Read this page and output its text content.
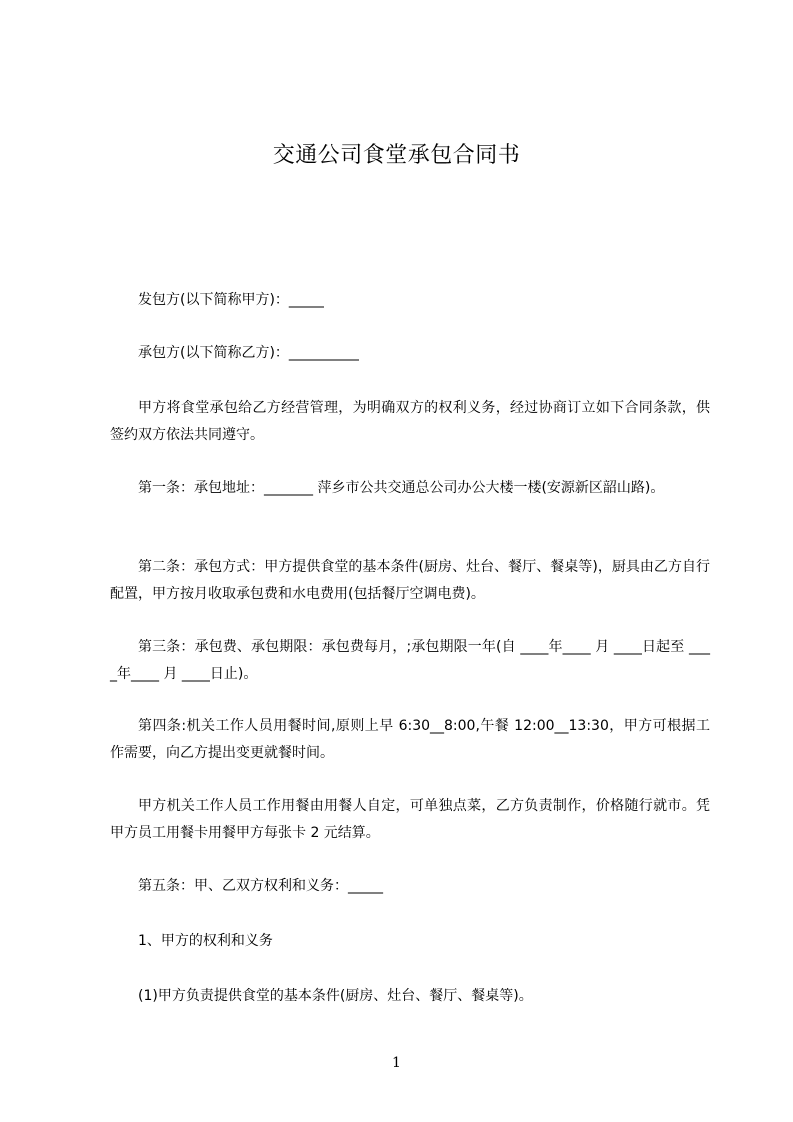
交通公司食堂承包合同书
发包方(以下简称甲方)：_____
承包方(以下简称乙方)：__________
甲方将食堂承包给乙方经营管理，为明确双方的权利义务，经过协商订立如下合同条款，供签约双方依法共同遵守。
第一条：承包地址：_______ 萍乡市公共交通总公司办公大楼一楼(安源新区韶山路)。
第二条：承包方式：甲方提供食堂的基本条件(厨房、灶台、餐厅、餐桌等)，厨具由乙方自行配置，甲方按月收取承包费和水电费用(包括餐厅空调电费)。
第三条：承包费、承包期限：承包费每月，;承包期限一年(自 ____年____ 月 ____日起至 ____年____ 月 ____日止)。
第四条:机关工作人员用餐时间,原则上早 6:30__8:00,午餐 12:00__13:30，甲方可根据工作需要，向乙方提出变更就餐时间。
甲方机关工作人员工作用餐由用餐人自定，可单独点菜，乙方负责制作，价格随行就市。凭甲方员工用餐卡用餐甲方每张卡 2 元结算。
第五条：甲、乙双方权利和义务：_____
1、甲方的权利和义务
(1)甲方负责提供食堂的基本条件(厨房、灶台、餐厅、餐桌等)。
1
